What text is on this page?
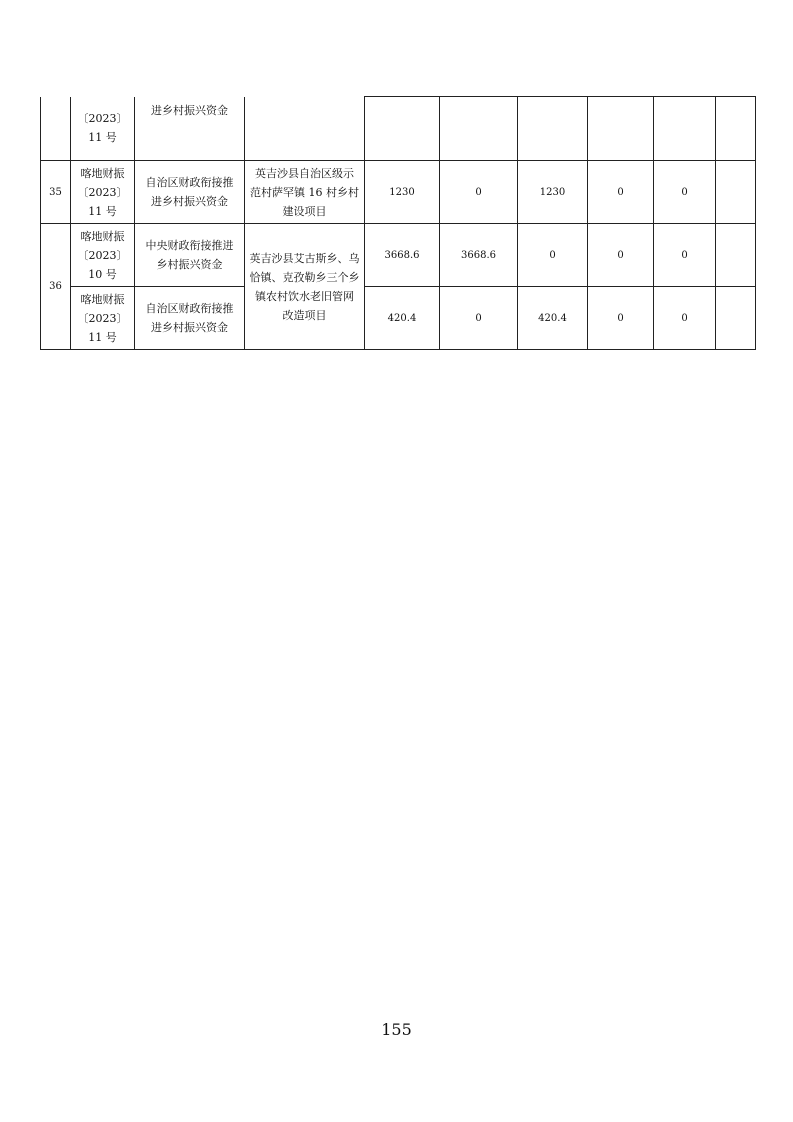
	〔2023〕
11 号	进乡村振兴资金							

35	喀地财振
〔2023〕
11 号	自治区财政衔接推
进乡村振兴资金	英吉沙县自治区级示
范村萨罕镇 16 村乡村
建设项目	1230	0	1230	0	0	
36	喀地财振
〔2023〕
10 号	中央财政衔接推进
乡村振兴资金	英吉沙县艾古斯乡、乌
恰镇、克孜勒乡三个乡
镇农村饮水老旧管网
改造项目	3668.6	3668.6	0	0	0	

	喀地财振
〔2023〕
11 号	自治区财政衔接推
进乡村振兴资金		420.4	0	420.4	0	0	
155
